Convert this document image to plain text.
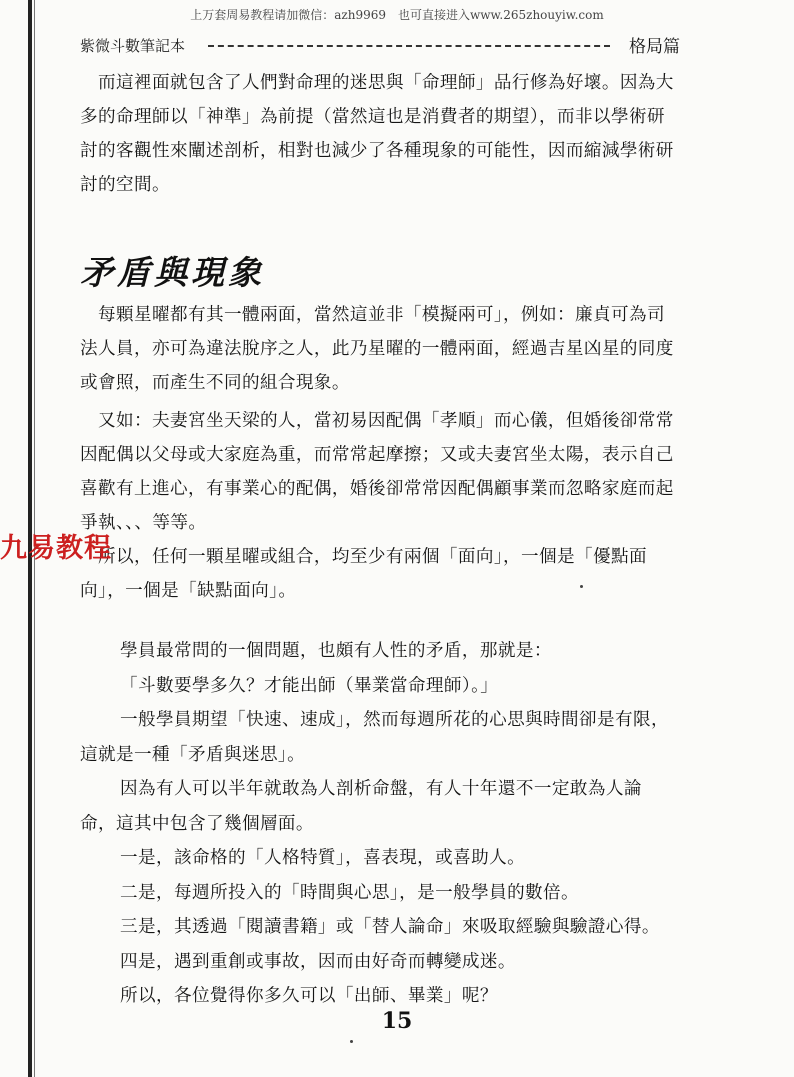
上万套周易教程请加微信：azh9969　也可直接进入www.265zhouyiw.com
紫微斗數筆記本	格局篇

　而這裡面就包含了人們對命理的迷思與「命理師」品行修為好壞。因為大多的命理師以「神準」為前提（當然這也是消費者的期望），而非以學術研討的客觀性來闡述剖析，相對也減少了各種現象的可能性，因而縮減學術研討的空間。

矛盾與現象

　每顆星曜都有其一體兩面，當然這並非「模擬兩可」，例如：廉貞可為司法人員，亦可為違法脫序之人，此乃星曜的一體兩面，經過吉星凶星的同度或會照，而產生不同的組合現象。

　又如：夫妻宮坐天梁的人，當初易因配偶「孝順」而心儀，但婚後卻常常因配偶以父母或大家庭為重，而常常起摩擦；又或夫妻宮坐太陽，表示自己喜歡有上進心，有事業心的配偶，婚後卻常常因配偶顧事業而忽略家庭而起爭執、、、等等。

　所以，任何一顆星曜或組合，均至少有兩個「面向」，一個是「優點面向」，一個是「缺點面向」。

九易教程

學員最常問的一個問題，也頗有人性的矛盾，那就是：

「斗數要學多久？才能出師（畢業當命理師）。」

一般學員期望「快速、速成」，然而每週所花的心思與時間卻是有限，

這就是一種「矛盾與迷思」。

因為有人可以半年就敢為人剖析命盤，有人十年還不一定敢為人論

命，這其中包含了幾個層面。

一是，該命格的「人格特質」，喜表現，或喜助人。

二是，每週所投入的「時間與心思」，是一般學員的數倍。

三是，其透過「閱讀書籍」或「替人論命」來吸取經驗與驗證心得。

四是，遇到重創或事故，因而由好奇而轉變成迷。

所以，各位覺得你多久可以「出師、畢業」呢？

15
